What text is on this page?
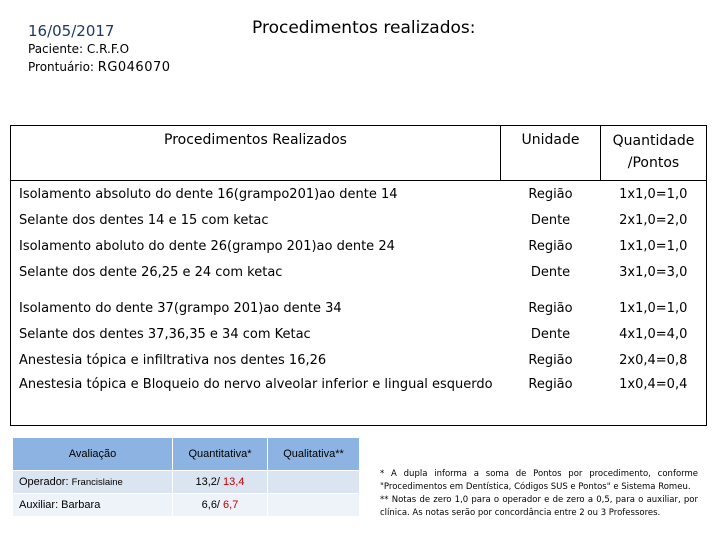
16/05/2017	Procedimentos realizados:
Paciente: C.R.F.O
Prontuário: RG046070
Procedimentos Realizados	Unidade	Quantidade
/Pontos
Isolamento absoluto do dente 16(grampo201)ao dente 14	Região	1x1,0=1,0
Selante dos dentes 14 e 15 com ketac	Dente	2x1,0=2,0
Isolamento aboluto do dente 26(grampo 201)ao dente 24	Região	1x1,0=1,0
Selante dos dente 26,25 e 24 com ketac	Dente	3x1,0=3,0
Isolamento do dente 37(grampo 201)ao dente 34	Região	1x1,0=1,0
Selante dos dentes 37,36,35 e 34 com Ketac	Dente	4x1,0=4,0
Anestesia tópica e infiltrativa nos dentes 16,26	Região	2x0,4=0,8
Anestesia tópica e Bloqueio do nervo alveolar inferior e lingual esquerdo	Região	1x0,4=0,4
Avaliação	Quantitativa*	Qualitativa**
Operador: Francislaine	13,2/ 13,4	
Auxiliar: Barbara	6,6/ 6,7	
* A dupla informa a soma de Pontos por procedimento, conforme "Procedimentos em Dentística, Códigos SUS e Pontos" e Sistema Romeu.
** Notas de zero 1,0 para o operador e de zero a 0,5, para o auxiliar, por clínica. As notas serão por concordância entre 2 ou 3 Professores.
